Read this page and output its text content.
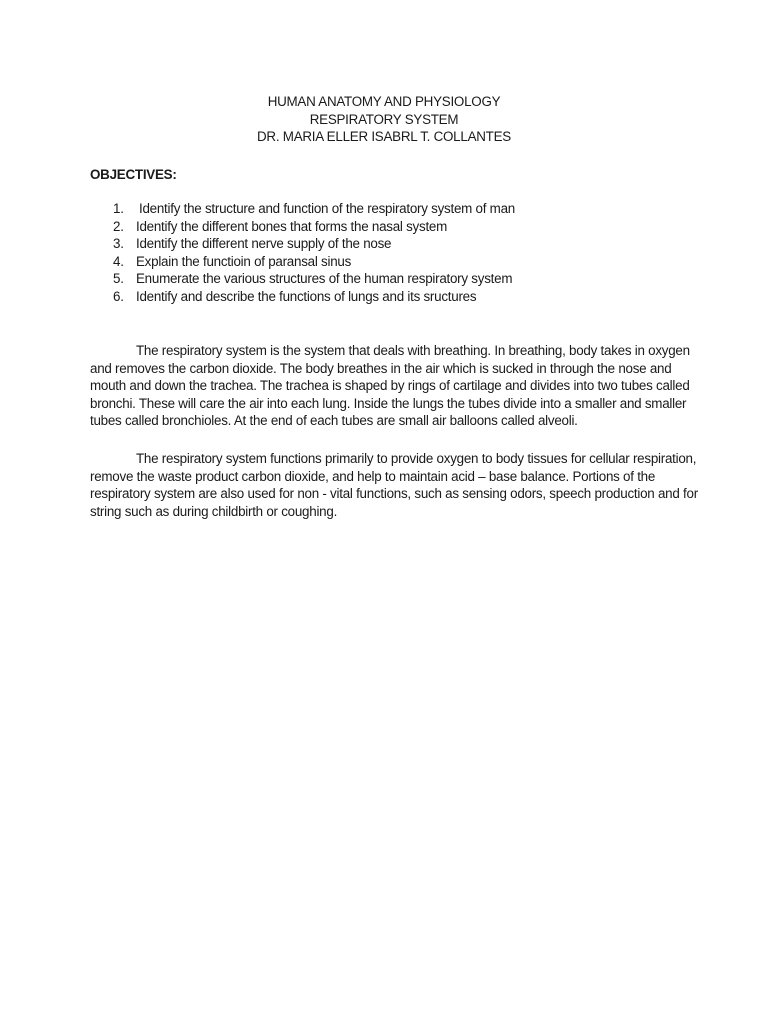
HUMAN ANATOMY AND PHYSIOLOGY
RESPIRATORY SYSTEM
DR. MARIA ELLER ISABRL T. COLLANTES
OBJECTIVES:
1. Identify the structure and function of the respiratory system of man
2. Identify the different bones that forms the nasal system
3. Identify the different nerve supply of the nose
4. Explain the functioin of paransal sinus
5. Enumerate the various structures of the human respiratory system
6. Identify and describe the functions of lungs and its sructures
The respiratory system is the system that deals with breathing. In breathing, body takes in oxygen
and removes the carbon dioxide. The body breathes in the air which is sucked in through the nose and
mouth and down the trachea. The trachea is shaped by rings of cartilage and divides into two tubes called
bronchi. These will care the air into each lung. Inside the lungs the tubes divide into a smaller and smaller
tubes called bronchioles. At the end of each tubes are small air balloons called alveoli.
The respiratory system functions primarily to provide oxygen to body tissues for cellular respiration,
remove the waste product carbon dioxide, and help to maintain acid – base balance. Portions of the
respiratory system are also used for non - vital functions, such as sensing odors, speech production and for
string such as during childbirth or coughing.
